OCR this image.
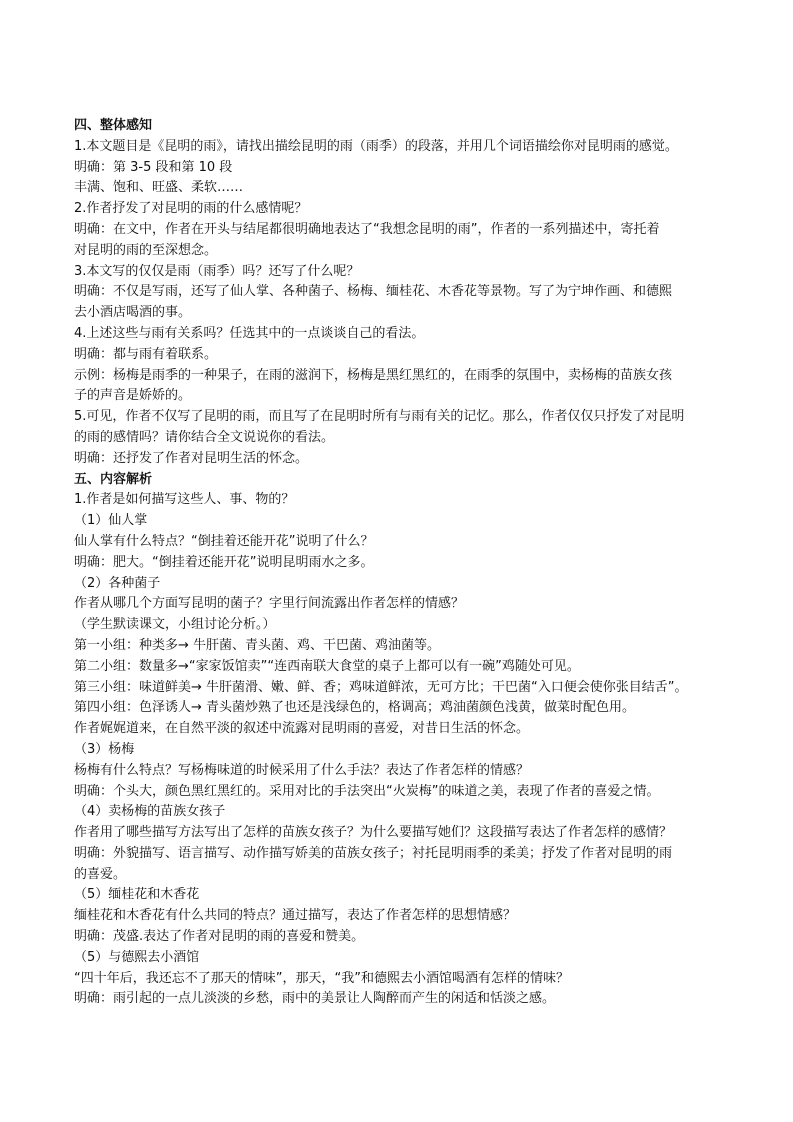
四、整体感知
1.本文题目是《昆明的雨》，请找出描绘昆明的雨（雨季）的段落，并用几个词语描绘你对昆明雨的感觉。
明确：第 3-5 段和第 10 段
丰满、饱和、旺盛、柔软……
2.作者抒发了对昆明的雨的什么感情呢？
明确：在文中，作者在开头与结尾都很明确地表达了“我想念昆明的雨”，作者的一系列描述中，寄托着
对昆明的雨的至深想念。
3.本文写的仅仅是雨（雨季）吗？还写了什么呢？
明确：不仅是写雨，还写了仙人掌、各种菌子、杨梅、缅桂花、木香花等景物。写了为宁坤作画、和德熙
去小酒店喝酒的事。
4.上述这些与雨有关系吗？任选其中的一点谈谈自己的看法。
明确：都与雨有着联系。
示例：杨梅是雨季的一种果子，在雨的滋润下，杨梅是黑红黑红的，在雨季的氛围中，卖杨梅的苗族女孩
子的声音是娇娇的。
5.可见，作者不仅写了昆明的雨，而且写了在昆明时所有与雨有关的记忆。那么，作者仅仅只抒发了对昆明
的雨的感情吗？请你结合全文说说你的看法。
明确：还抒发了作者对昆明生活的怀念。
五、内容解析
1.作者是如何描写这些人、事、物的？
（1）仙人掌
仙人掌有什么特点？“倒挂着还能开花”说明了什么？
明确：肥大。“倒挂着还能开花”说明昆明雨水之多。
（2）各种菌子
作者从哪几个方面写昆明的菌子？字里行间流露出作者怎样的情感？
（学生默读课文，小组讨论分析。）
第一小组：种类多→ 牛肝菌、青头菌、鸡、干巴菌、鸡油菌等。
第二小组：数量多→“家家饭馆卖”“连西南联大食堂的桌子上都可以有一碗”鸡随处可见。
第三小组：味道鲜美→ 牛肝菌滑、嫩、鲜、香；鸡味道鲜浓，无可方比；干巴菌“入口便会使你张目结舌”。
第四小组：色泽诱人→ 青头菌炒熟了也还是浅绿色的，格调高；鸡油菌颜色浅黄，做菜时配色用。
作者娓娓道来，在自然平淡的叙述中流露对昆明雨的喜爱，对昔日生活的怀念。
（3）杨梅
杨梅有什么特点？写杨梅味道的时候采用了什么手法？表达了作者怎样的情感？
明确：个头大，颜色黑红黑红的。采用对比的手法突出“火炭梅”的味道之美，表现了作者的喜爱之情。
（4）卖杨梅的苗族女孩子
作者用了哪些描写方法写出了怎样的苗族女孩子？为什么要描写她们？这段描写表达了作者怎样的感情？
明确：外貌描写、语言描写、动作描写娇美的苗族女孩子；衬托昆明雨季的柔美；抒发了作者对昆明的雨
的喜爱。
（5）缅桂花和木香花
缅桂花和木香花有什么共同的特点？通过描写，表达了作者怎样的思想情感？
明确：茂盛.表达了作者对昆明的雨的喜爱和赞美。
（5）与德熙去小酒馆
“四十年后，我还忘不了那天的情味”，那天，“我”和德熙去小酒馆喝酒有怎样的情味？
明确：雨引起的一点儿淡淡的乡愁，雨中的美景让人陶醉而产生的闲适和恬淡之感。
